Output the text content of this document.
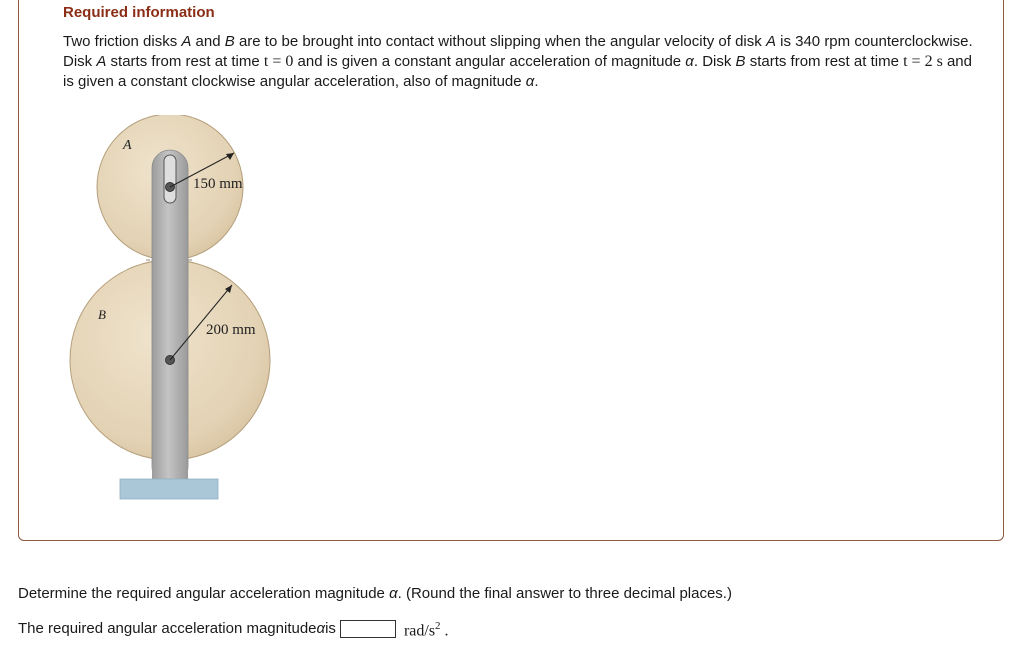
Required information
Two friction disks A and B are to be brought into contact without slipping when the angular velocity of disk A is 340 rpm counterclockwise. Disk A starts from rest at time t = 0 and is given a constant angular acceleration of magnitude α. Disk B starts from rest at time t = 2 s and is given a constant clockwise angular acceleration, also of magnitude α.
A
B
150 mm
200 mm
Determine the required angular acceleration magnitude α. (Round the final answer to three decimal places.)
The required angular acceleration magnitude α is	rad/$s^2$ .
